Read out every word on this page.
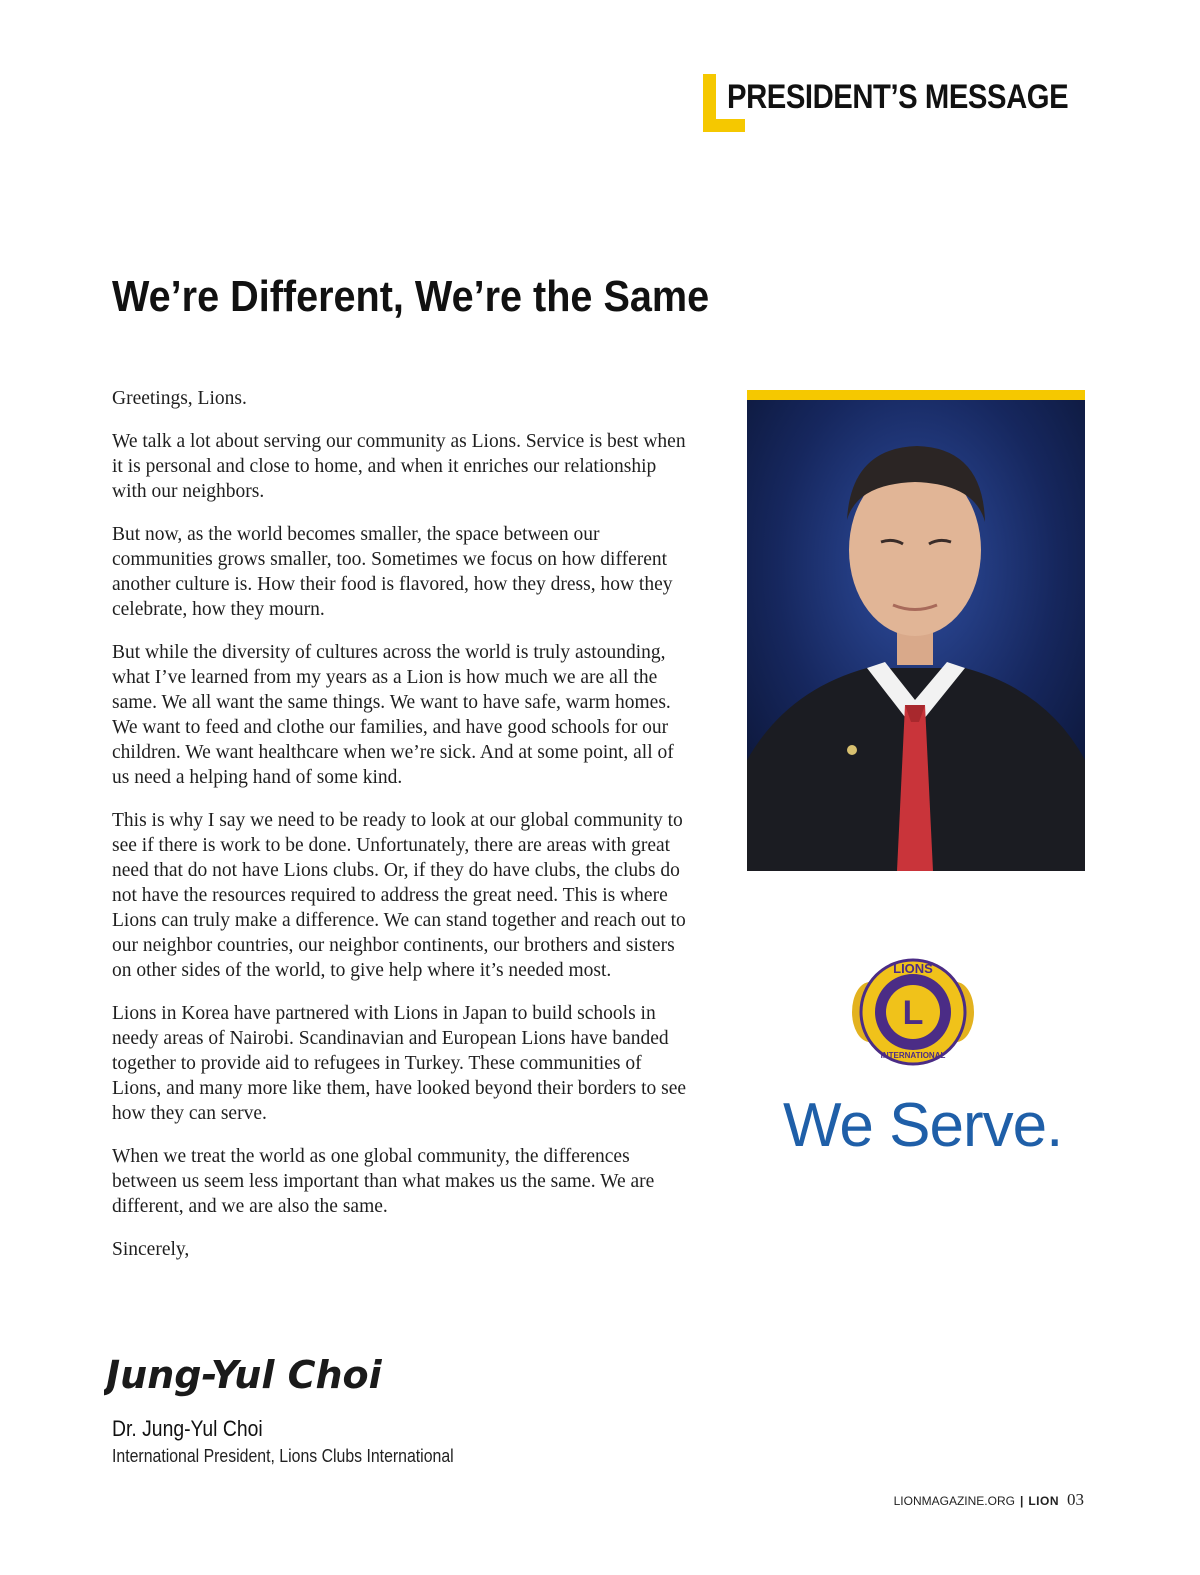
PRESIDENT’S MESSAGE
We’re Different, We’re the Same

Greetings, Lions.

We talk a lot about serving our community as Lions. Service is best when it is personal and close to home, and when it enriches our relationship with our neighbors.

But now, as the world becomes smaller, the space between our communities grows smaller, too. Sometimes we focus on how different another culture is. How their food is flavored, how they dress, how they celebrate, how they mourn.

But while the diversity of cultures across the world is truly astounding, what I’ve learned from my years as a Lion is how much we are all the same. We all want the same things. We want to have safe, warm homes. We want to feed and clothe our families, and have good schools for our children. We want healthcare when we’re sick. And at some point, all of us need a helping hand of some kind.

This is why I say we need to be ready to look at our global community to see if there is work to be done. Unfortunately, there are areas with great need that do not have Lions clubs. Or, if they do have clubs, the clubs do not have the resources required to address the great need. This is where Lions can truly make a difference. We can stand together and reach out to our neighbor countries, our neighbor continents, our brothers and sisters on other sides of the world, to give help where it’s needed most.

Lions in Korea have partnered with Lions in Japan to build schools in needy areas of Nairobi. Scandinavian and European Lions have banded together to provide aid to refugees in Turkey. These communities of Lions, and many more like them, have looked beyond their borders to see how they can serve.

When we treat the world as one global community, the differences between us seem less important than what makes us the same. We are different, and we are also the same.

Sincerely,

L
LIONS
INTERNATIONAL
We Serve.
Jung-Yul Choi
Dr. Jung-Yul Choi
International President, Lions Clubs International
LIONMAGAZINE.ORG | LION 03
